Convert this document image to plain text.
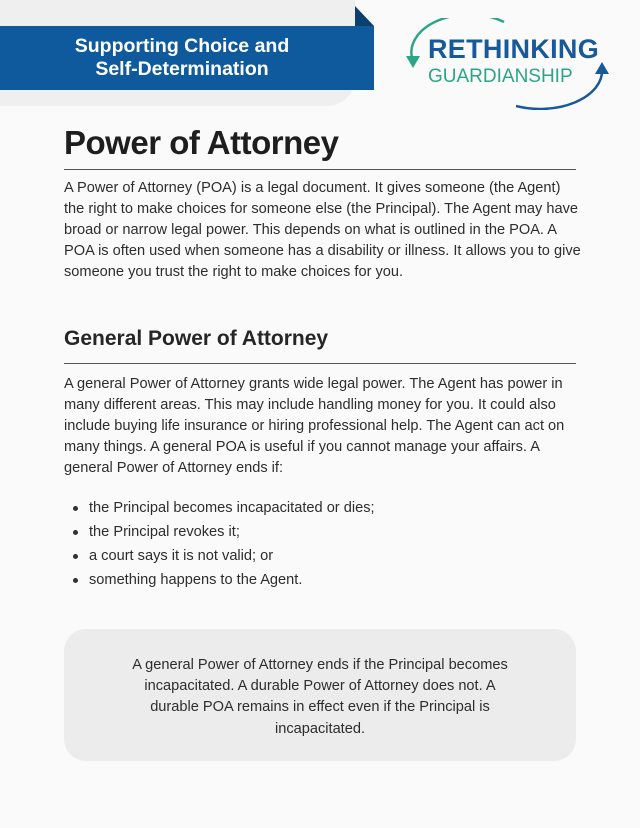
Supporting Choice and
Self-Determination
RETHINKING
GUARDIANSHIP
Power of Attorney

A Power of Attorney (POA) is a legal document. It gives someone (the Agent) the right to make choices for someone else (the Principal). The Agent may have broad or narrow legal power. This depends on what is outlined in the POA. A POA is often used when someone has a disability or illness. It allows you to give someone you trust the right to make choices for you.

General Power of Attorney

A general Power of Attorney grants wide legal power. The Agent has power in many different areas. This may include handling money for you. It could also include buying life insurance or hiring professional help. The Agent can act on many things. A general POA is useful if you cannot manage your affairs. A general Power of Attorney ends if:

the Principal becomes incapacitated or dies;
the Principal revokes it;
a court says it is not valid; or
something happens to the Agent.

A general Power of Attorney ends if the Principal becomes incapacitated. A durable Power of Attorney does not. A durable POA remains in effect even if the Principal is incapacitated.
